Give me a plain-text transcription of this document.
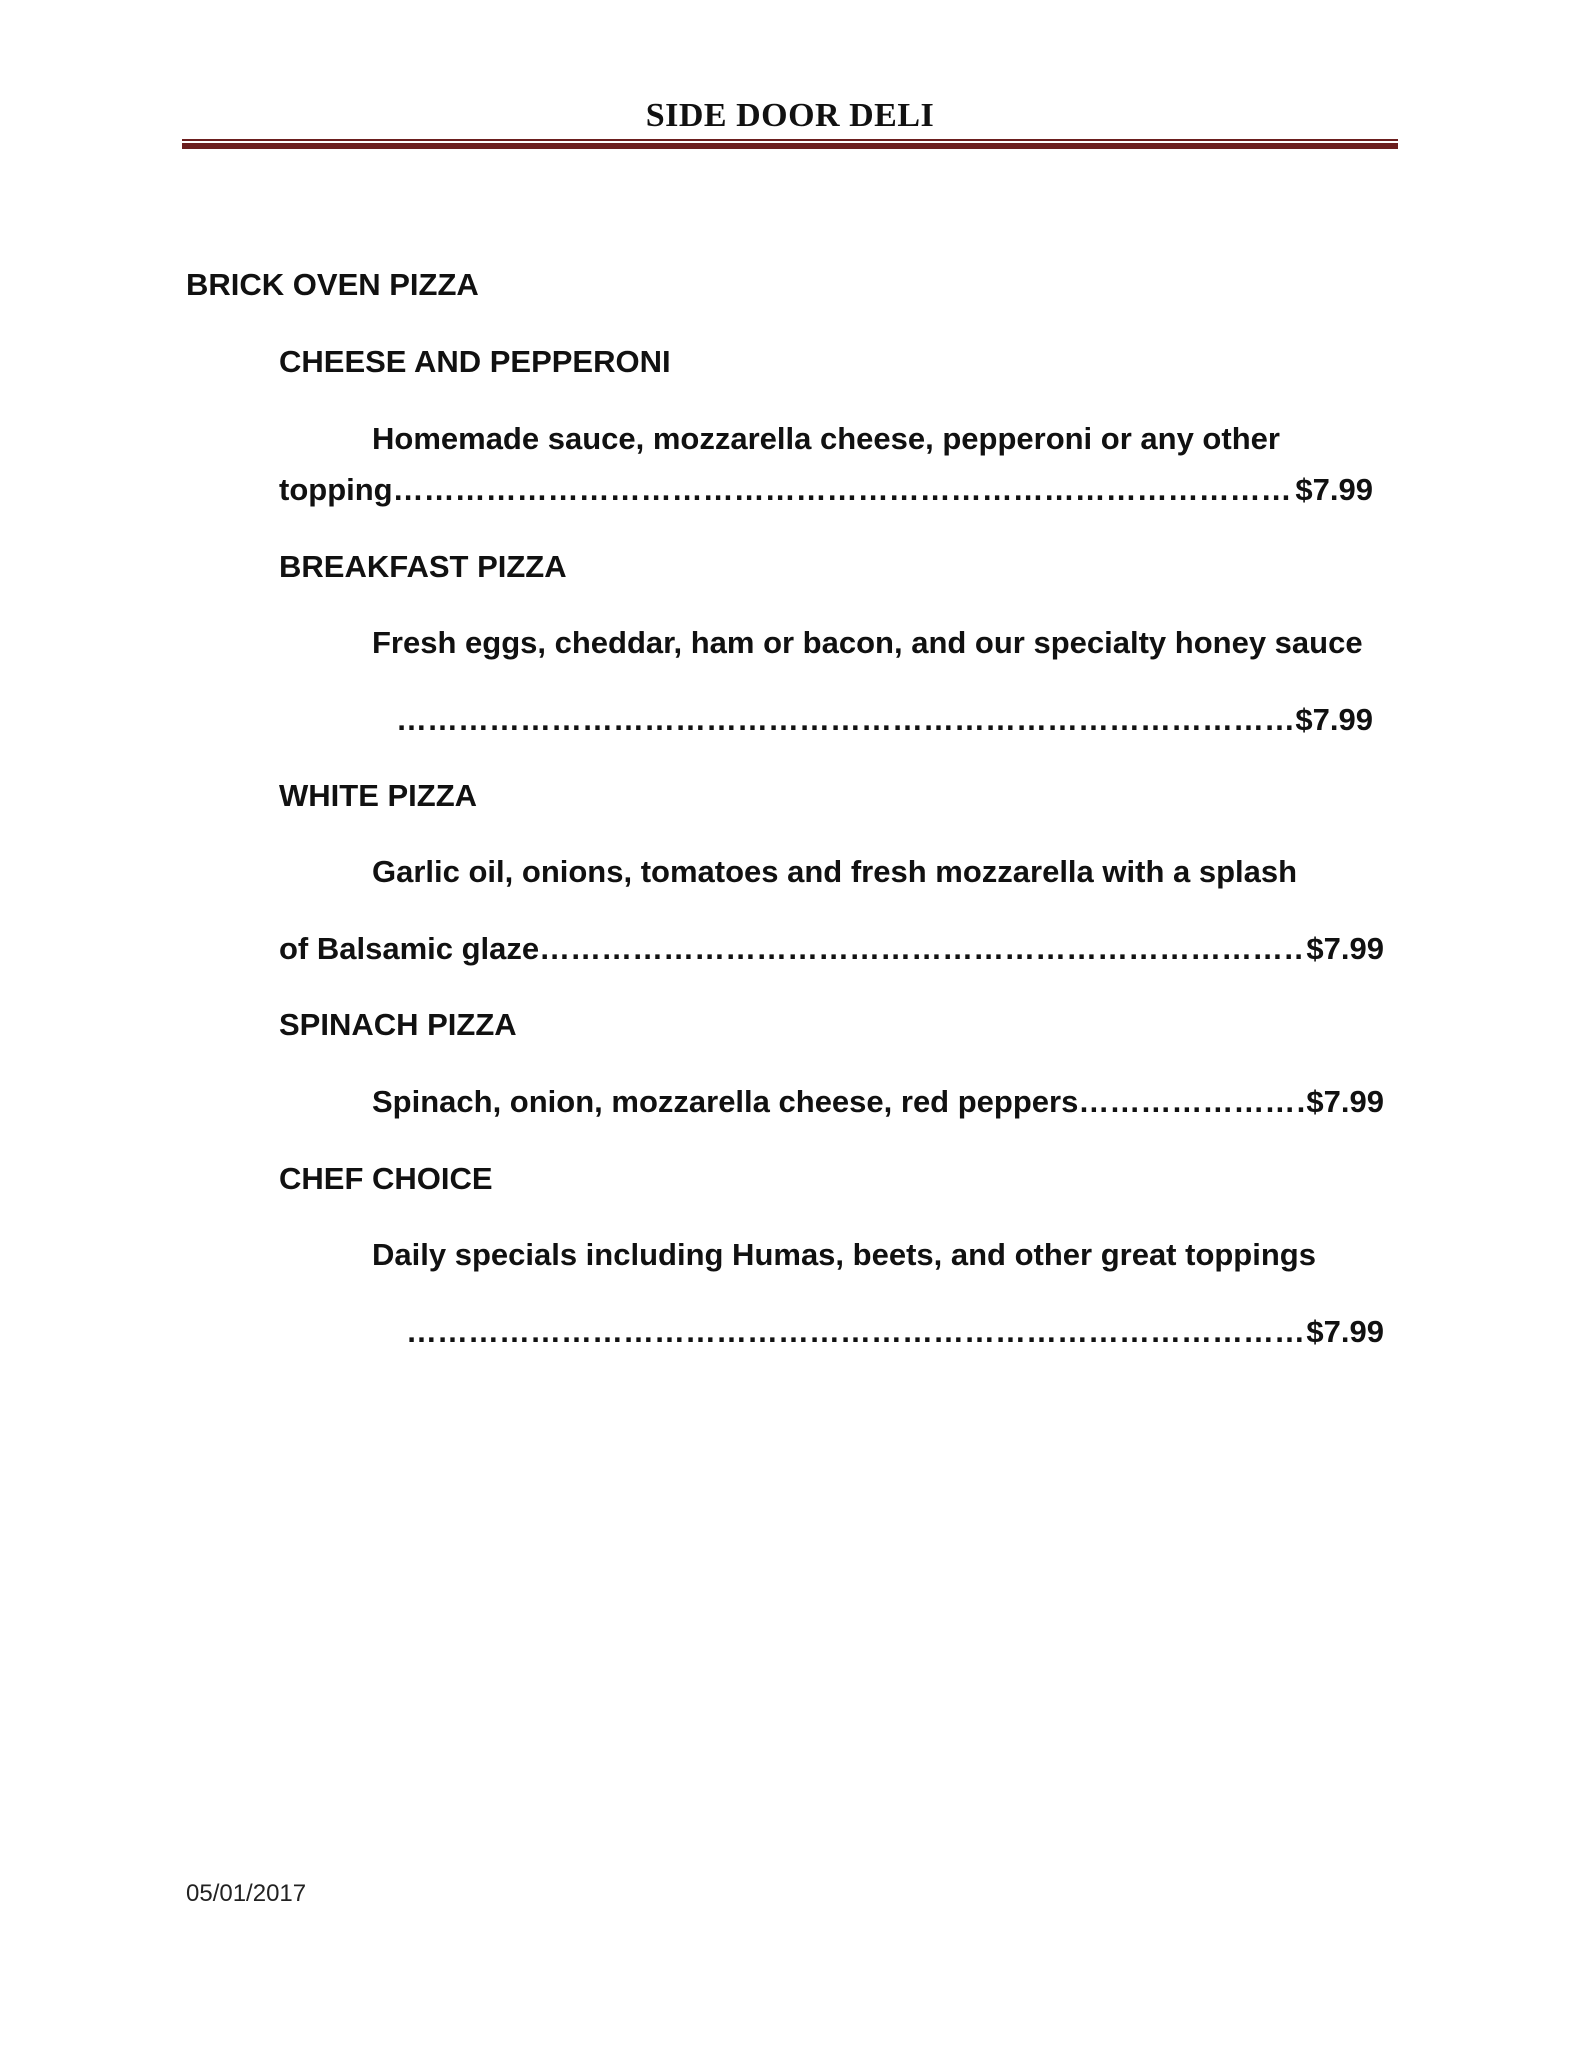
SIDE DOOR DELI
BRICK OVEN PIZZA
CHEESE AND PEPPERONI
Homemade sauce, mozzarella cheese, pepperoni or any other
topping ………………………………………………………………………………………………………………………………………………………………………………………………	$7.99
BREAKFAST PIZZA
Fresh eggs, cheddar, ham or bacon, and our specialty honey sauce
………………………………………………………………………………………………………………………………………………………………………………………………
$7.99
WHITE PIZZA
Garlic oil, onions, tomatoes and fresh mozzarella with a splash
of Balsamic glaze ………………………………………………………………………………………………………………………………………………………………………………………………	$7.99
SPINACH PIZZA
Spinach, onion, mozzarella cheese, red peppers ………………………………………………………………………………………………………………………………………………………………………………………………	$7.99
CHEF CHOICE
Daily specials including Humas, beets, and other great toppings
………………………………………………………………………………………………………………………………………………………………………………………………
$7.99
05/01/2017
